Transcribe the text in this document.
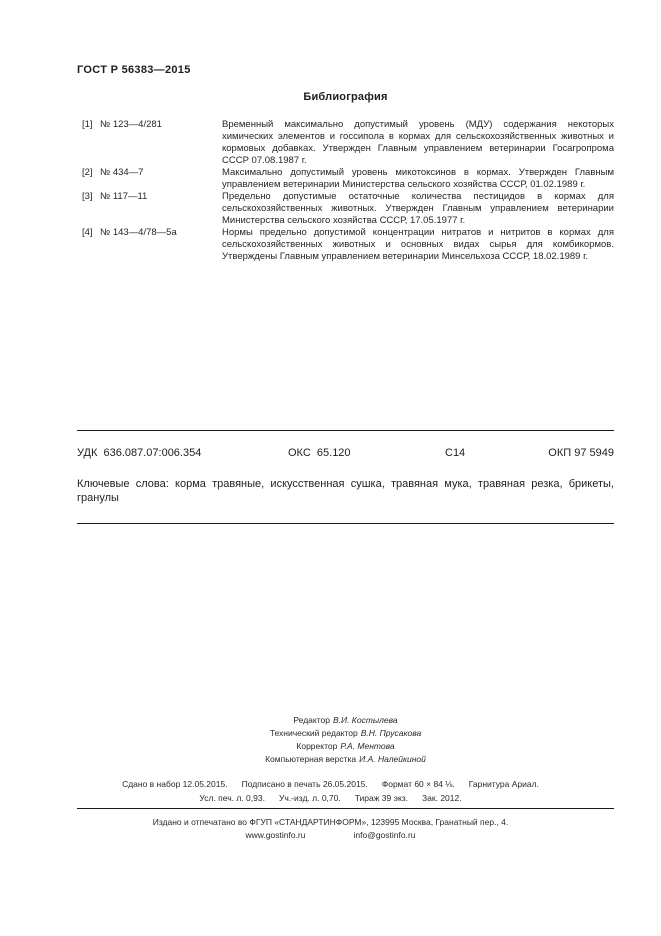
ГОСТ Р 56383—2015
Библиография
[1] № 123—4/281	Временный максимально допустимый уровень (МДУ) содержания некоторых химических элементов и госсипола в кормах для сельскохозяйственных животных и кормовых добавках. Утвержден Главным управлением ветеринарии Госагропрома СССР 07.08.1987 г.
[2] № 434—7	Максимально допустимый уровень микотоксинов в кормах. Утвержден Главным управлением ветеринарии Министерства сельского хозяйства СССР, 01.02.1989 г.
[3] № 117—11	Предельно допустимые остаточные количества пестицидов в кормах для сельскохозяйственных животных. Утвержден Главным управлением ветеринарии Министерства сельского хозяйства СССР, 17.05.1977 г.
[4] № 143—4/78—5а	Нормы предельно допустимой концентрации нитратов и нитритов в кормах для сельскохозяйственных животных и основных видах сырья для комбикормов. Утверждены Главным управлением ветеринарии Минсельхоза СССР, 18.02.1989 г.
УДК  636.087.07:006.354	ОКС  65.120	С14	ОКП 97 5949
Ключевые слова: корма травяные, искусственная сушка, травяная мука, травяная резка, брикеты, гранулы
Редактор В.И. Костылева
Технический редактор В.Н. Прусакова
Корректор Р.А. Ментова
Компьютерная верстка И.А. Налейкиной
Сдано в набор 12.05.2015. Подписано в печать 26.05.2015. Формат 60 × 84 ⅛. Гарнитура Ариал.
Усл. печ. л. 0,93. Уч.-изд. л. 0,70. Тираж 39 экз. Зак. 2012.
Издано и отпечатано во ФГУП «СТАНДАРТИНФОРМ», 123995 Москва, Гранатный пер., 4.
www.gostinfo.ru	info@gostinfo.ru
